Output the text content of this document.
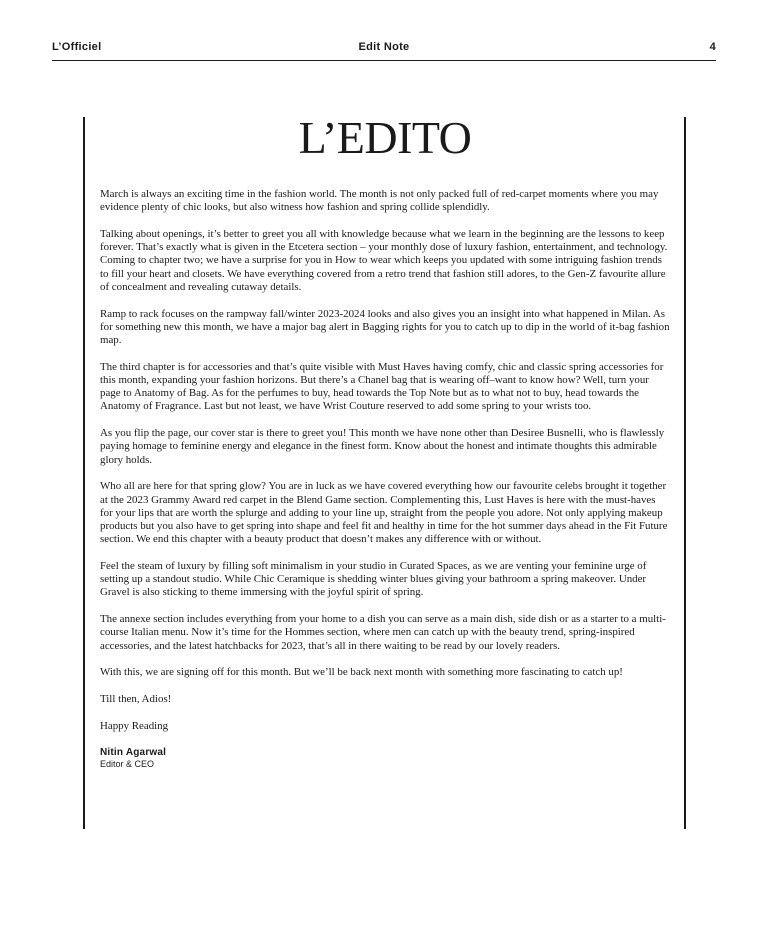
L’Officiel	Edit Note	4
L’EDITO

March is always an exciting time in the fashion world. The month is not only packed full of red-carpet moments where you may evidence plenty of chic looks, but also witness how fashion and spring collide splendidly.

Talking about openings, it’s better to greet you all with knowledge because what we learn in the beginning are the lessons to keep forever. That’s exactly what is given in the Etcetera section – your monthly dose of luxury fashion, entertainment, and technology. Coming to chapter two; we have a surprise for you in How to wear which keeps you updated with some intriguing fashion trends to fill your heart and closets. We have everything covered from a retro trend that fashion still adores, to the Gen-Z favourite allure of concealment and revealing cutaway details.

Ramp to rack focuses on the rampway fall/winter 2023-2024 looks and also gives you an insight into what happened in Milan. As for something new this month, we have a major bag alert in Bagging rights for you to catch up to dip in the world of it-bag fashion map.

The third chapter is for accessories and that’s quite visible with Must Haves having comfy, chic and classic spring accessories for this month, expanding your fashion horizons. But there’s a Chanel bag that is wearing off–want to know how? Well, turn your page to Anatomy of Bag. As for the perfumes to buy, head towards the Top Note but as to what not to buy, head towards the Anatomy of Fragrance. Last but not least, we have Wrist Couture reserved to add some spring to your wrists too.

As you flip the page, our cover star is there to greet you! This month we have none other than Desiree Busnelli, who is flawlessly paying homage to feminine energy and elegance in the finest form. Know about the honest and intimate thoughts this admirable glory holds.

Who all are here for that spring glow? You are in luck as we have covered everything how our favourite celebs brought it together at the 2023 Grammy Award red carpet in the Blend Game section. Complementing this, Lust Haves is here with the must-haves for your lips that are worth the splurge and adding to your line up, straight from the people you adore. Not only applying makeup products but you also have to get spring into shape and feel fit and healthy in time for the hot summer days ahead in the Fit Future section. We end this chapter with a beauty product that doesn’t makes any difference with or without.

Feel the steam of luxury by filling soft minimalism in your studio in Curated Spaces, as we are venting your feminine urge of setting up a standout studio. While Chic Ceramique is shedding winter blues giving your bathroom a spring makeover. Under Gravel is also sticking to theme immersing with the joyful spirit of spring.

The annexe section includes everything from your home to a dish you can serve as a main dish, side dish or as a starter to a multi-course Italian menu. Now it’s time for the Hommes section, where men can catch up with the beauty trend, spring-inspired accessories, and the latest hatchbacks for 2023, that’s all in there waiting to be read by our lovely readers.

With this, we are signing off for this month. But we’ll be back next month with something more fascinating to catch up!

Till then, Adios!

Happy Reading

Nitin Agarwal
Editor & CEO
